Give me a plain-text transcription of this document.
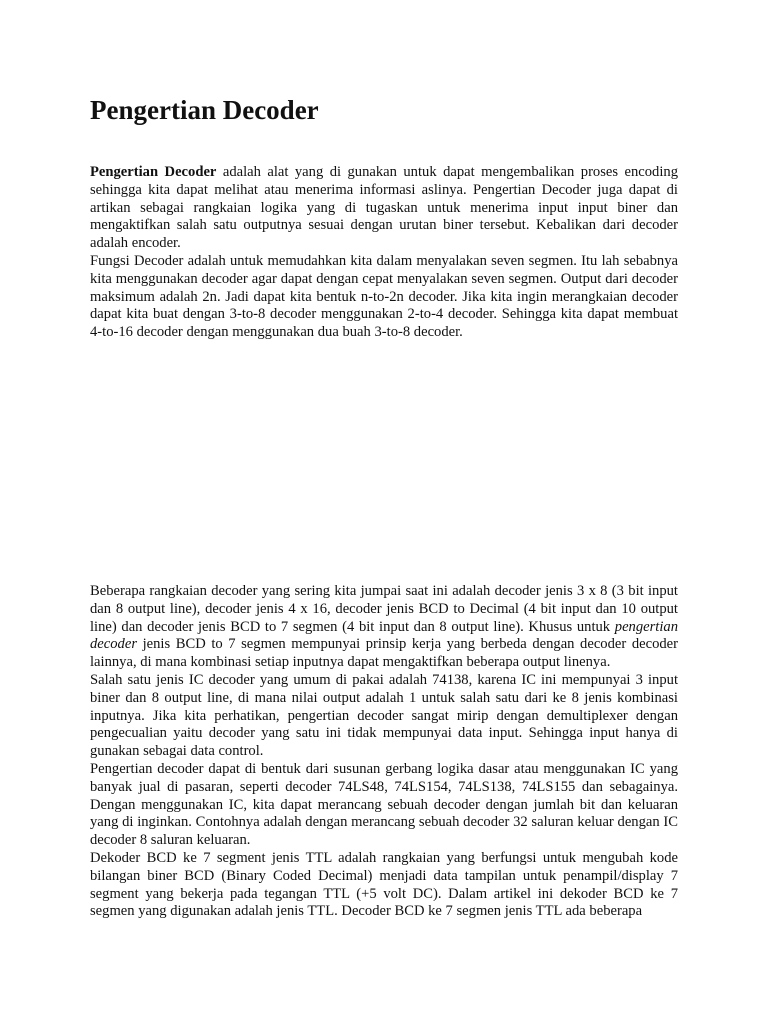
Pengertian Decoder

Pengertian Decoder adalah alat yang di gunakan untuk dapat mengembalikan proses encoding sehingga kita dapat melihat atau menerima informasi aslinya. Pengertian Decoder juga dapat di artikan sebagai rangkaian logika yang di tugaskan untuk menerima input input biner dan mengaktifkan salah satu outputnya sesuai dengan urutan biner tersebut. Kebalikan dari decoder adalah encoder.

Fungsi Decoder adalah untuk memudahkan kita dalam menyalakan seven segmen. Itu lah sebabnya kita menggunakan decoder agar dapat dengan cepat menyalakan seven segmen. Output dari decoder maksimum adalah 2n. Jadi dapat kita bentuk n-to-2n decoder. Jika kita ingin merangkaian decoder dapat kita buat dengan 3-to-8 decoder menggunakan 2-to-4 decoder. Sehingga kita dapat membuat 4-to-16 decoder dengan menggunakan dua buah 3-to-8 decoder.

Beberapa rangkaian decoder yang sering kita jumpai saat ini adalah decoder jenis 3 x 8 (3 bit input dan 8 output line), decoder jenis 4 x 16, decoder jenis BCD to Decimal (4 bit input dan 10 output line) dan decoder jenis BCD to 7 segmen (4 bit input dan 8 output line). Khusus untuk pengertian decoder jenis BCD to 7 segmen mempunyai prinsip kerja yang berbeda dengan decoder decoder lainnya, di mana kombinasi setiap inputnya dapat mengaktifkan beberapa output linenya.

Salah satu jenis IC decoder yang umum di pakai adalah 74138, karena IC ini mempunyai 3 input biner dan 8 output line, di mana nilai output adalah 1 untuk salah satu dari ke 8 jenis kombinasi inputnya. Jika kita perhatikan, pengertian decoder sangat mirip dengan demultiplexer dengan pengecualian yaitu decoder yang satu ini tidak mempunyai data input. Sehingga input hanya di gunakan sebagai data control.

Pengertian decoder dapat di bentuk dari susunan gerbang logika dasar atau menggunakan IC yang banyak jual di pasaran, seperti decoder 74LS48, 74LS154, 74LS138, 74LS155 dan sebagainya. Dengan menggunakan IC, kita dapat merancang sebuah decoder dengan jumlah bit dan keluaran yang di inginkan. Contohnya adalah dengan merancang sebuah decoder 32 saluran keluar dengan IC decoder 8 saluran keluaran.

Dekoder BCD ke 7 segment jenis TTL adalah rangkaian yang berfungsi untuk mengubah kode bilangan biner BCD (Binary Coded Decimal) menjadi data tampilan untuk penampil/display 7 segment yang bekerja pada tegangan TTL (+5 volt DC). Dalam artikel ini dekoder BCD ke 7 segmen yang digunakan adalah jenis TTL. Decoder BCD ke 7 segmen jenis TTL ada beberapa
